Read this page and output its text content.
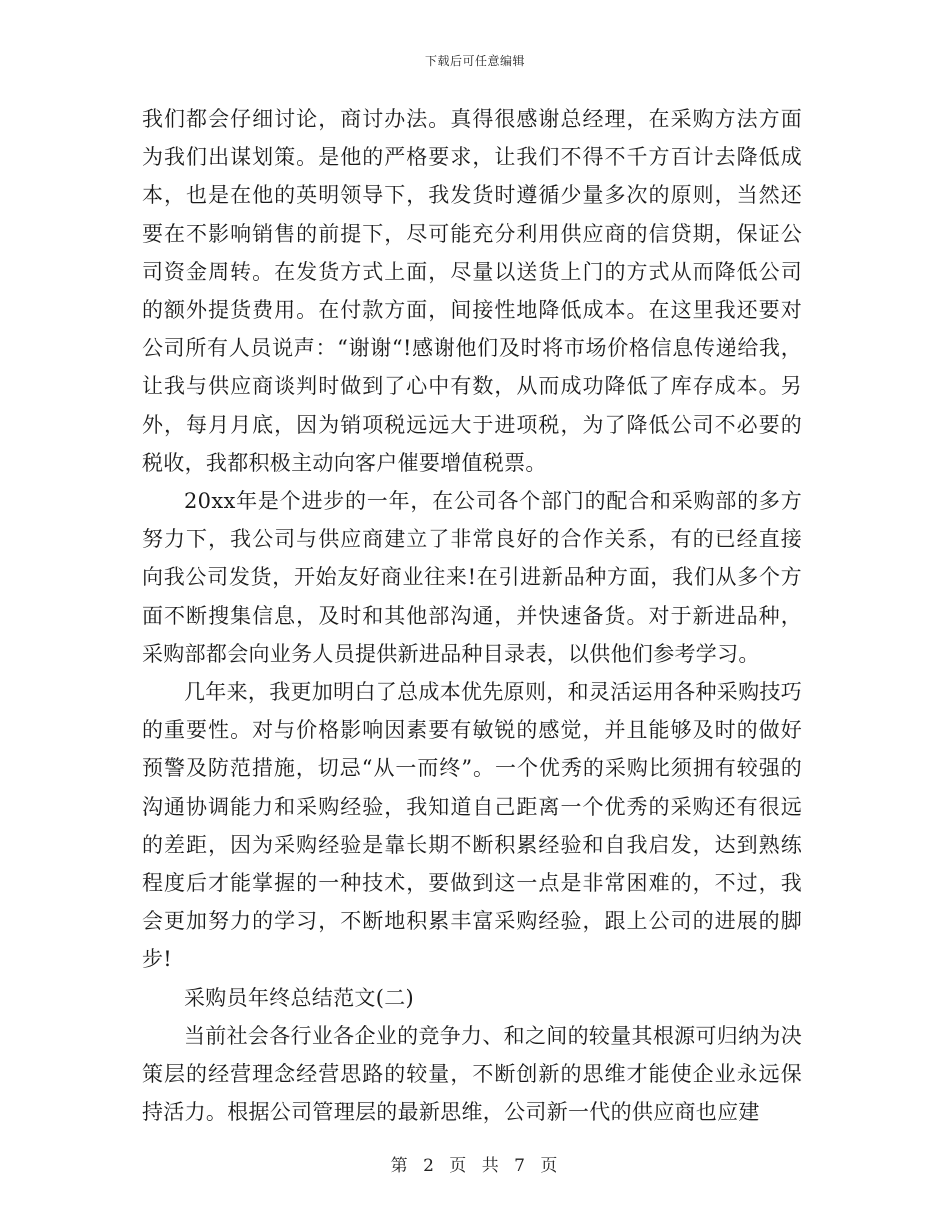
下载后可任意编辑

我们都会仔细讨论，商讨办法。真得很感谢总经理，在采购方法方面为我们出谋划策。是他的严格要求，让我们不得不千方百计去降低成本，也是在他的英明领导下，我发货时遵循少量多次的原则，当然还要在不影响销售的前提下，尽可能充分利用供应商的信贷期，保证公司资金周转。在发货方式上面，尽量以送货上门的方式从而降低公司的额外提货费用。在付款方面，间接性地降低成本。在这里我还要对公司所有人员说声：“谢谢“!感谢他们及时将市场价格信息传递给我，让我与供应商谈判时做到了心中有数，从而成功降低了库存成本。另外，每月月底，因为销项税远远大于进项税，为了降低公司不必要的税收，我都积极主动向客户催要增值税票。

20xx年是个进步的一年，在公司各个部门的配合和采购部的多方努力下，我公司与供应商建立了非常良好的合作关系，有的已经直接向我公司发货，开始友好商业往来!在引进新品种方面，我们从多个方面不断搜集信息，及时和其他部沟通，并快速备货。对于新进品种，采购部都会向业务人员提供新进品种目录表，以供他们参考学习。

几年来，我更加明白了总成本优先原则，和灵活运用各种采购技巧的重要性。对与价格影响因素要有敏锐的感觉，并且能够及时的做好预警及防范措施，切忌“从一而终”。一个优秀的采购比须拥有较强的沟通协调能力和采购经验，我知道自己距离一个优秀的采购还有很远的差距，因为采购经验是靠长期不断积累经验和自我启发，达到熟练程度后才能掌握的一种技术，要做到这一点是非常困难的，不过，我会更加努力的学习，不断地积累丰富采购经验，跟上公司的进展的脚步!

采购员年终总结范文(二)

当前社会各行业各企业的竞争力、和之间的较量其根源可归纳为决策层的经营理念经营思路的较量，不断创新的思维才能使企业永远保持活力。根据公司管理层的最新思维，公司新一代的供应商也应建

第 2 页 共 7 页
